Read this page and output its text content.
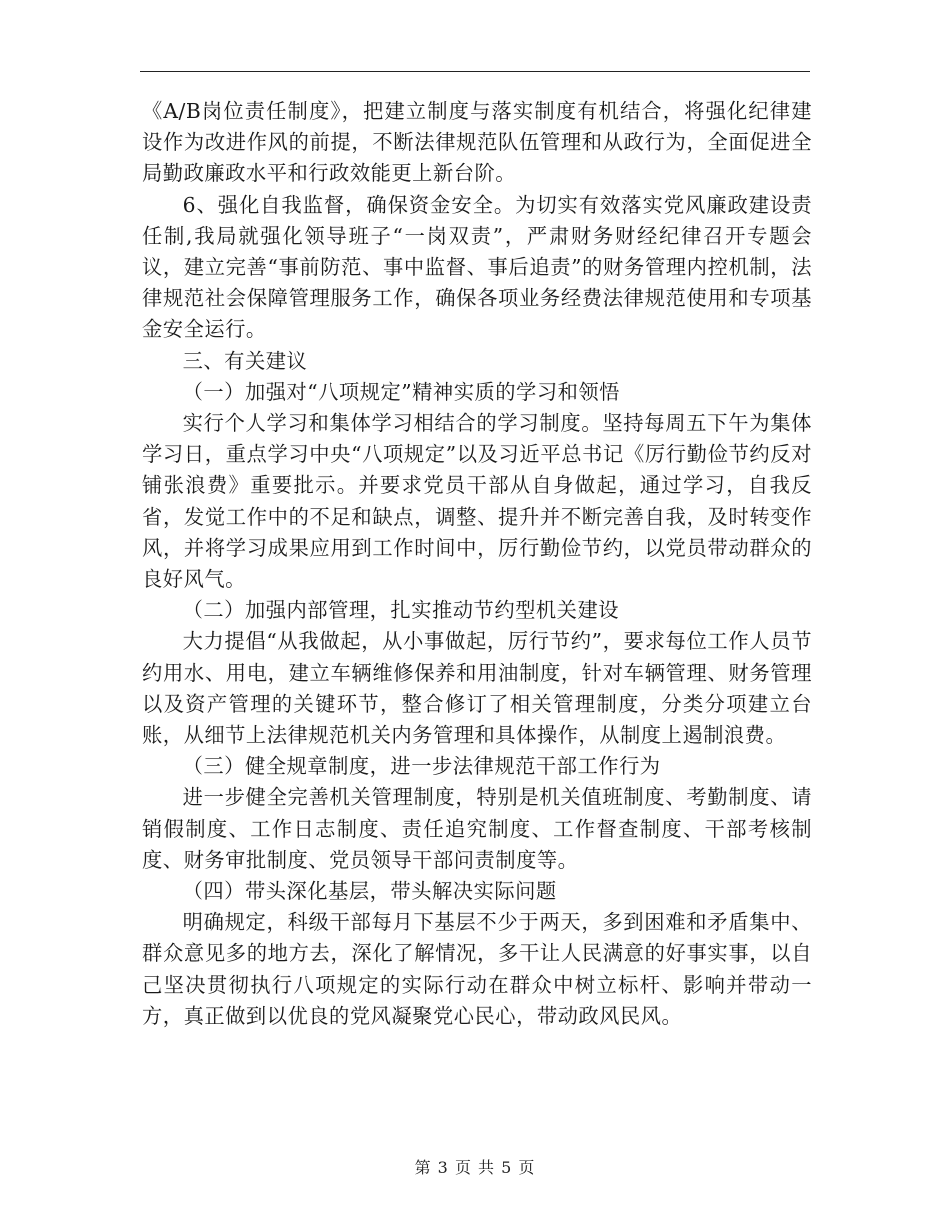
《A/B岗位责任制度》，把建立制度与落实制度有机结合，将强化纪律建设作为改进作风的前提，不断法律规范队伍管理和从政行为，全面促进全局勤政廉政水平和行政效能更上新台阶。

6、强化自我监督，确保资金安全。为切实有效落实党风廉政建设责任制,我局就强化领导班子“一岗双责”，严肃财务财经纪律召开专题会议，建立完善“事前防范、事中监督、事后追责”的财务管理内控机制，法律规范社会保障管理服务工作，确保各项业务经费法律规范使用和专项基金安全运行。

三、有关建议

（一）加强对“八项规定”精神实质的学习和领悟

实行个人学习和集体学习相结合的学习制度。坚持每周五下午为集体学习日，重点学习中央“八项规定”以及习近平总书记《厉行勤俭节约反对铺张浪费》重要批示。并要求党员干部从自身做起，通过学习，自我反省，发觉工作中的不足和缺点，调整、提升并不断完善自我，及时转变作风，并将学习成果应用到工作时间中，厉行勤俭节约，以党员带动群众的良好风气。

（二）加强内部管理，扎实推动节约型机关建设

大力提倡“从我做起，从小事做起，厉行节约”，要求每位工作人员节约用水、用电，建立车辆维修保养和用油制度，针对车辆管理、财务管理以及资产管理的关键环节，整合修订了相关管理制度，分类分项建立台账，从细节上法律规范机关内务管理和具体操作，从制度上遏制浪费。

（三）健全规章制度，进一步法律规范干部工作行为

进一步健全完善机关管理制度，特别是机关值班制度、考勤制度、请销假制度、工作日志制度、责任追究制度、工作督查制度、干部考核制度、财务审批制度、党员领导干部问责制度等。

（四）带头深化基层，带头解决实际问题

明确规定，科级干部每月下基层不少于两天，多到困难和矛盾集中、群众意见多的地方去，深化了解情况，多干让人民满意的好事实事，以自己坚决贯彻执行八项规定的实际行动在群众中树立标杆、影响并带动一方，真正做到以优良的党风凝聚党心民心，带动政风民风。

第 3 页 共 5 页
